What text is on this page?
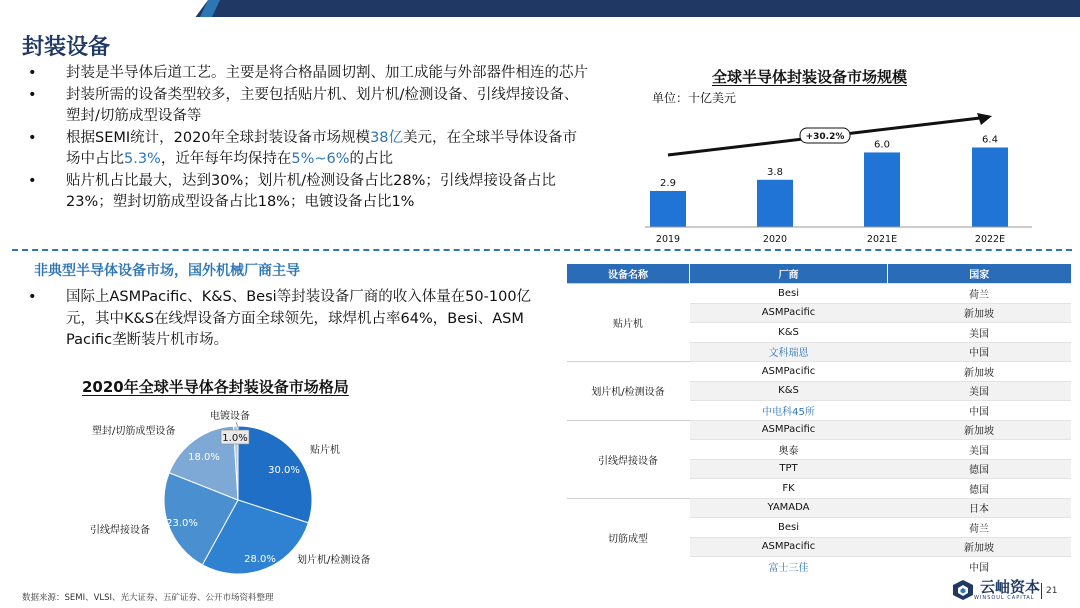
封装设备
• 封装是半导体后道工艺。主要是将合格晶圆切割、加工成能与外部器件相连的芯片
• 封装所需的设备类型较多，主要包括贴片机、划片机/检测设备、引线焊接设备、塑封/切筋成型设备等
• 根据SEMI统计，2020年全球封装设备市场规模38亿美元，在全球半导体设备市场中占比5.3%，近年每年均保持在5%~6%的占比
• 贴片机占比最大，达到30%；划片机/检测设备占比28%；引线焊接设备占比23%；塑封切筋成型设备占比18%；电镀设备占比1%
非典型半导体设备市场，国外机械厂商主导
• 国际上ASMPacific、K&S、Besi等封装设备厂商的收入体量在50-100亿元，其中K&S在线焊设备方面全球领先，球焊机占率64%，Besi、ASM Pacific垄断装片机市场。
全球半导体封装设备市场规模
单位：十亿美元
+30.2%
2.9
2019
3.8
2020
6.0
2021E
6.4
2022E
2020年全球半导体各封装设备市场格局
30.0%
贴片机
28.0% 划片机/检测设备
23.0%
引线焊接设备
18.0%
塑封/切筋成型设备
1.0%
电镀设备
设备名称	厂商	国家
贴片机	Besi	荷兰
	ASMPacific	新加坡
	K&S	美国
	文科瑞恩	中国
划片机/检测设备	ASMPacific	新加坡
	K&S	美国
	中电科45所	中国
引线焊接设备	ASMPacific	新加坡
	奥泰	美国
	TPT	德国
	FK	德国
切筋成型	YAMADA	日本
	Besi	荷兰
	ASMPacific	新加坡
	富士三佳	中国
数据来源：SEMI、VLSI、光大证券、五矿证券、公开市场资料整理
云岫资本
WINSOUL CAPITAL
21
